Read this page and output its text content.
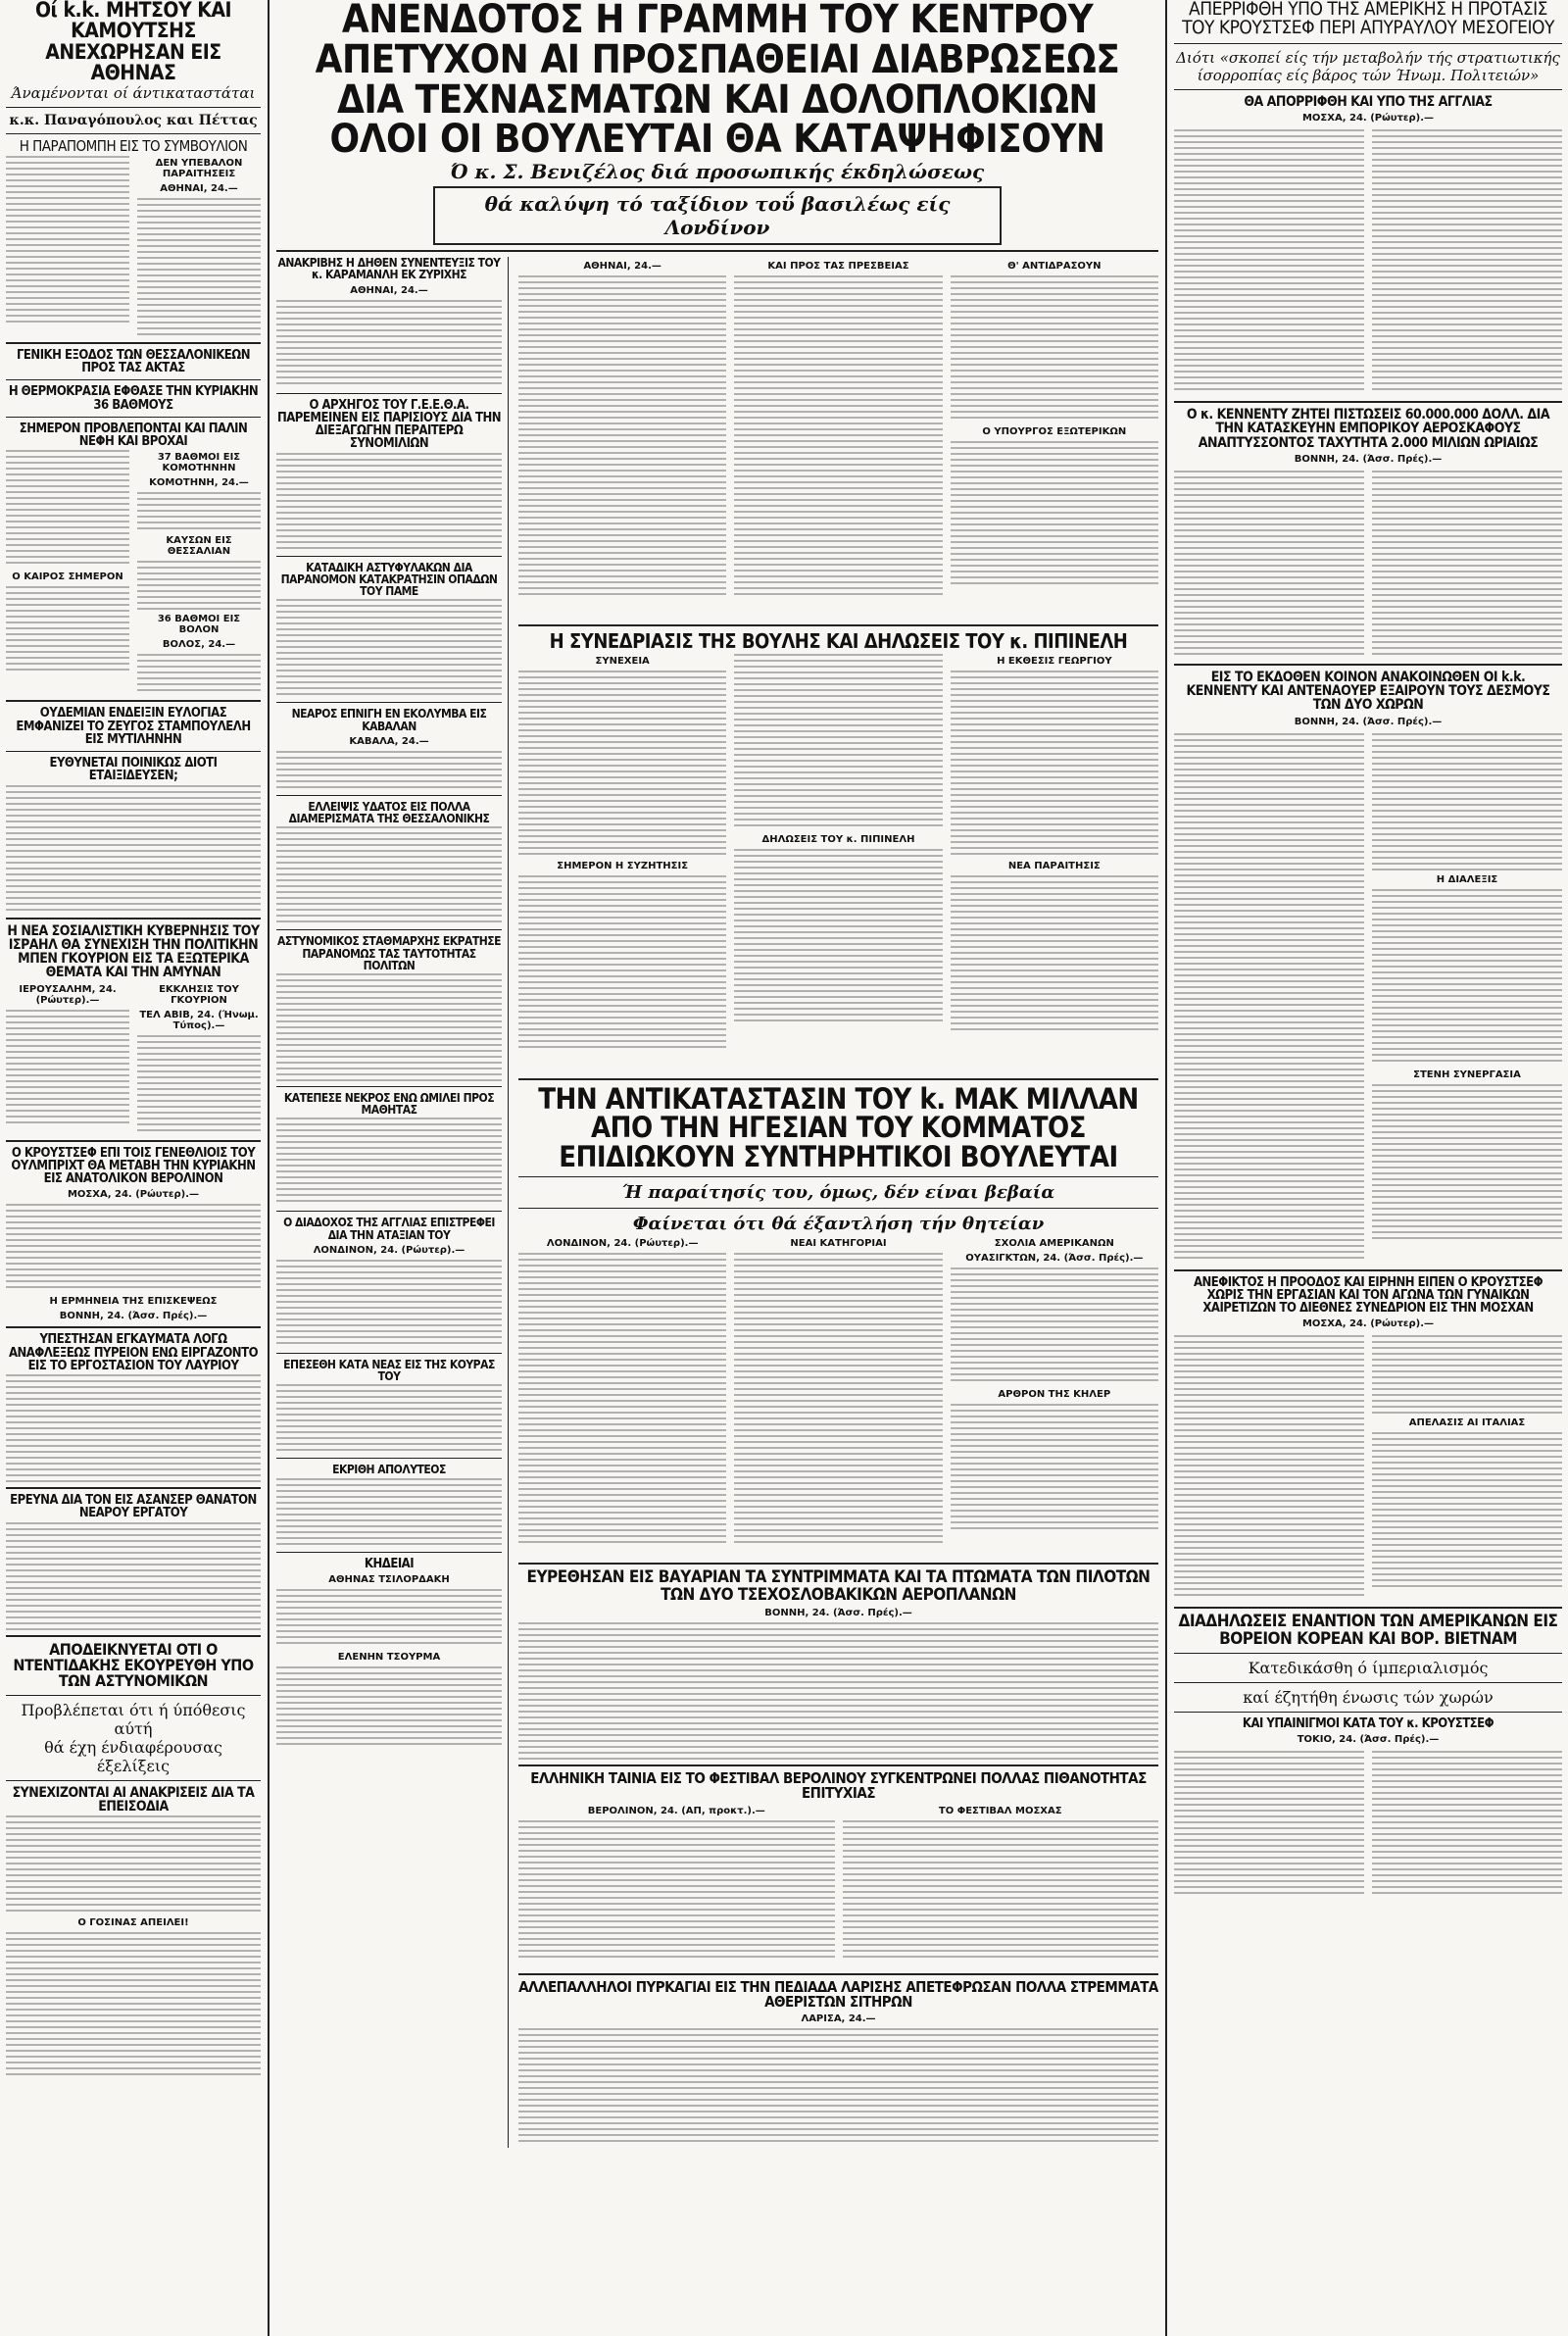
Οί k.k. ΜΗΤΣΟΥ ΚΑΙ ΚΑΜΟΥΤΣΗΣ ΑΝΕΧΩΡΗΣΑΝ ΕΙΣ ΑΘΗΝΑΣ

Άναμένονται οί άντικαταστάται

κ.κ. Παναγόπουλος και Πέττας

Η ΠΑΡΑΠΟΜΠΗ ΕΙΣ ΤΟ ΣΥΜΒΟΥΛΙΟΝ

ΔΕΝ ΥΠΕΒΑΛΟΝ ΠΑΡΑΙΤΗΣΕΙΣ

ΑΘΗΝΑΙ, 24.—

ΓΕΝΙΚΗ ΕΞΟΔΟΣ ΤΩΝ ΘΕΣΣΑΛΟΝΙΚΕΩΝ ΠΡΟΣ ΤΑΣ ΑΚΤΑΣ

Η ΘΕΡΜΟΚΡΑΣΙΑ ΕΦΘΑΣΕ ΤΗΝ ΚΥΡΙΑΚΗΝ 36 ΒΑΘΜΟΥΣ

ΣΗΜΕΡΟΝ ΠΡΟΒΛΕΠΟΝΤΑΙ ΚΑΙ ΠΑΛΙΝ ΝΕΦΗ ΚΑΙ ΒΡΟΧΑΙ

Ο ΚΑΙΡΟΣ ΣΗΜΕΡΟΝ

37 ΒΑΘΜΟΙ ΕΙΣ ΚΟΜΟΤΗΝΗΝ

ΚΟΜΟΤΗΝΗ, 24.—

ΚΑΥΣΩΝ ΕΙΣ ΘΕΣΣΑΛΙΑΝ

36 ΒΑΘΜΟΙ ΕΙΣ ΒΟΛΟΝ

ΒΟΛΟΣ, 24.—

ΟΥΔΕΜΙΑΝ ΕΝΔΕΙΞΙΝ ΕΥΛΟΓΙΑΣ ΕΜΦΑΝΙΖΕΙ ΤΟ ΖΕΥΓΟΣ ΣΤΑΜΠΟΥΛΕΛΗ ΕΙΣ ΜΥΤΙΛΗΝΗΝ

ΕΥΘΥΝΕΤΑΙ ΠΟΙΝΙΚΩΣ ΔΙΟΤΙ ΕΤΑΙΞΙΔΕΥΣΕΝ;

Η ΝΕΑ ΣΟΣΙΑΛΙΣΤΙΚΗ ΚΥΒΕΡΝΗΣΙΣ ΤΟΥ ΙΣΡΑΗΛ ΘΑ ΣΥΝΕΧΙΣΗ ΤΗΝ ΠΟΛΙΤΙΚΗΝ ΜΠΕΝ ΓΚΟΥΡΙΟΝ ΕΙΣ ΤΑ ΕΞΩΤΕΡΙΚΑ ΘΕΜΑΤΑ ΚΑΙ ΤΗΝ ΑΜΥΝΑΝ

ΙΕΡΟΥΣΑΛΗΜ, 24. (Ρώυτερ).—

ΕΚΚΛΗΣΙΣ ΤΟΥ ΓΚΟΥΡΙΟΝ

ΤΕΛ ΑΒΙΒ, 24. (Ήνωμ. Τύπος).—

Ο ΚΡΟΥΣΤΣΕΦ ΕΠΙ ΤΟΙΣ ΓΕΝΕΘΛΙΟΙΣ ΤΟΥ ΟΥΛΜΠΡΙΧΤ ΘΑ ΜΕΤΑΒΗ ΤΗΝ ΚΥΡΙΑΚΗΝ ΕΙΣ ΑΝΑΤΟΛΙΚΟΝ ΒΕΡΟΛΙΝΟΝ

ΜΟΣΧΑ, 24. (Ρώυτερ).—

Η ΕΡΜΗΝΕΙΑ ΤΗΣ ΕΠΙΣΚΕΨΕΩΣ

ΒΟΝΝΗ, 24. (Άσσ. Πρές).—

ΥΠΕΣΤΗΣΑΝ ΕΓΚΑΥΜΑΤΑ ΛΟΓΩ ΑΝΑΦΛΕΞΕΩΣ ΠΥΡΕΙΟΝ ΕΝΩ ΕΙΡΓΑΖΟΝΤΟ ΕΙΣ ΤΟ ΕΡΓΟΣΤΑΣΙΟΝ ΤΟΥ ΛΑΥΡΙΟΥ

ΕΡΕΥΝΑ ΔΙΑ ΤΟΝ ΕΙΣ ΑΣΑΝΣΕΡ ΘΑΝΑΤΟΝ ΝΕΑΡΟΥ ΕΡΓΑΤΟΥ

ΑΠΟΔΕΙΚΝΥΕΤΑΙ ΟΤΙ Ο ΝΤΕΝΤΙΔΑΚΗΣ ΕΚΟΥΡΕΥΘΗ ΥΠΟ ΤΩΝ ΑΣΤΥΝΟΜΙΚΩΝ

Προβλέπεται ότι ή ύπόθεσις αύτή

θά έχη ένδιαφέρουσας έξελίξεις

ΣΥΝΕΧΙΖΟΝΤΑΙ ΑΙ ΑΝΑΚΡΙΣΕΙΣ ΔΙΑ ΤΑ ΕΠΕΙΣΟΔΙΑ

Ο ΓΟΣΙΝΑΣ ΑΠΕΙΛΕΙ!

ΑΝΕΝΔΟΤΟΣ Η ΓΡΑΜΜΗ ΤΟΥ ΚΕΝΤΡΟΥ
ΑΠΕΤΥΧΟΝ ΑΙ ΠΡΟΣΠΑΘΕΙΑΙ ΔΙΑΒΡΩΣΕΩΣ
ΔΙΑ ΤΕΧΝΑΣΜΑΤΩΝ ΚΑΙ ΔΟΛΟΠΛΟΚΙΩΝ
ΟΛΟΙ ΟΙ ΒΟΥΛΕΥΤΑΙ ΘΑ ΚΑΤΑΨΗΦΙΣΟΥΝ

Ό κ. Σ. Βενιζέλος διά προσωπικής έκδηλώσεως

θά καλύψη τό ταξίδιον τοΰ βασιλέως είς Λονδίνον

ΑΝΑΚΡΙΒΗΣ Η ΔΗΘΕΝ ΣΥΝΕΝΤΕΥΞΙΣ ΤΟΥ κ. ΚΑΡΑΜΑΝΛΗ ΕΚ ΖΥΡΙΧΗΣ

ΑΘΗΝΑΙ, 24.—

Ο ΑΡΧΗΓΟΣ ΤΟΥ Γ.Ε.Ε.Θ.Α. ΠΑΡΕΜΕΙΝΕΝ ΕΙΣ ΠΑΡΙΣΙΟΥΣ ΔΙΑ ΤΗΝ ΔΙΕΞΑΓΩΓΗΝ ΠΕΡΑΙΤΕΡΩ ΣΥΝΟΜΙΛΙΩΝ

ΚΑΤΑΔΙΚΗ ΑΣΤΥΦΥΛΑΚΩΝ ΔΙΑ ΠΑΡΑΝΟΜΟΝ ΚΑΤΑΚΡΑΤΗΣΙΝ ΟΠΑΔΩΝ ΤΟΥ ΠΑΜΕ

ΝΕΑΡΟΣ ΕΠΝΙΓΗ ΕΝ ΕΚΟΛΥΜΒΑ ΕΙΣ ΚΑΒΑΛΑΝ

ΚΑΒΑΛΑ, 24.—

ΕΛΛΕΙΨΙΣ ΥΔΑΤΟΣ ΕΙΣ ΠΟΛΛΑ ΔΙΑΜΕΡΙΣΜΑΤΑ ΤΗΣ ΘΕΣΣΑΛΟΝΙΚΗΣ

ΑΣΤΥΝΟΜΙΚΟΣ ΣΤΑΘΜΑΡΧΗΣ ΕΚΡΑΤΗΣΕ ΠΑΡΑΝΟΜΩΣ ΤΑΣ ΤΑΥΤΟΤΗΤΑΣ ΠΟΛΙΤΩΝ

ΚΑΤΕΠΕΣΕ ΝΕΚΡΟΣ ΕΝΩ ΩΜΙΛΕΙ ΠΡΟΣ ΜΑΘΗΤΑΣ

Ο ΔΙΑΔΟΧΟΣ ΤΗΣ ΑΓΓΛΙΑΣ ΕΠΙΣΤΡΕΦΕΙ ΔΙΑ ΤΗΝ ΑΤΑΞΙΑΝ ΤΟΥ

ΛΟΝΔΙΝΟΝ, 24. (Ρώυτερ).—

ΕΠΕΣΕΘΗ ΚΑΤΑ ΝΕΑΣ ΕΙΣ ΤΗΣ ΚΟΥΡΑΣ ΤΟΥ

ΕΚΡΙΘΗ ΑΠΟΛΥΤΕΟΣ

ΚΗΔΕΙΑΙ

ΑΘΗΝΑΣ ΤΣΙΛΟΡΔΑΚΗ

ΕΛΕΝΗΝ ΤΣΟΥΡΜΑ

ΑΘΗΝΑΙ, 24.—	ΚΑΙ ΠΡΟΣ ΤΑΣ ΠΡΕΣΒΕΙΑΣ	Θ' ΑΝΤΙΔΡΑΣΟΥΝ

Ο ΥΠΟΥΡΓΟΣ ΕΞΩΤΕΡΙΚΩΝ

Η ΣΥΝΕΔΡΙΑΣΙΣ ΤΗΣ ΒΟΥΛΗΣ ΚΑΙ ΔΗΛΩΣΕΙΣ ΤΟΥ κ. ΠΙΠΙΝΕΛΗ

ΣΥΝΕΧΕΙΑ

ΣΗΜΕΡΟΝ Η ΣΥΖΗΤΗΣΙΣ

ΔΗΛΩΣΕΙΣ ΤΟΥ κ. ΠΙΠΙΝΕΛΗ

Η ΕΚΘΕΣΙΣ ΓΕΩΡΓΙΟΥ

ΝΕΑ ΠΑΡΑΙΤΗΣΙΣ

ΤΗΝ ΑΝΤΙΚΑΤΑΣΤΑΣΙΝ ΤΟΥ k. ΜΑΚ ΜΙΛΛΑΝ
ΑΠΟ ΤΗΝ ΗΓΕΣΙΑΝ ΤΟΥ ΚΟΜΜΑΤΟΣ
ΕΠΙΔΙΩΚΟΥΝ ΣΥΝΤΗΡΗΤΙΚΟΙ ΒΟΥΛΕΥΤΑΙ

Ή παραίτησίς του, όμως, δέν είναι βεβαία

Φαίνεται ότι θά έξαντλήση τήν θητείαν

ΛΟΝΔΙΝΟΝ, 24. (Ρώυτερ).—	ΝΕΑΙ ΚΑΤΗΓΟΡΙΑΙ	ΣΧΟΛΙΑ ΑΜΕΡΙΚΑΝΩΝ

ΟΥΑΣΙΓΚΤΩΝ, 24. (Άσσ. Πρές).—

ΑΡΘΡΟΝ ΤΗΣ ΚΗΛΕΡ

ΕΥΡΕΘΗΣΑΝ ΕΙΣ ΒΑΥΑΡΙΑΝ ΤΑ ΣΥΝΤΡΙΜΜΑΤΑ ΚΑΙ ΤΑ ΠΤΩΜΑΤΑ ΤΩΝ ΠΙΛΟΤΩΝ ΤΩΝ ΔΥΟ ΤΣΕΧΟΣΛΟΒΑΚΙΚΩΝ ΑΕΡΟΠΛΑΝΩΝ

ΒΟΝΝΗ, 24. (Άσσ. Πρές).—

ΕΛΛΗΝΙΚΗ ΤΑΙΝΙΑ ΕΙΣ ΤΟ ΦΕΣΤΙΒΑΛ ΒΕΡΟΛΙΝΟΥ ΣΥΓΚΕΝΤΡΩΝΕΙ ΠΟΛΛΑΣ ΠΙΘΑΝΟΤΗΤΑΣ ΕΠΙΤΥΧΙΑΣ

ΒΕΡΟΛΙΝΟΝ, 24. (ΑΠ, προκτ.).—	ΤΟ ΦΕΣΤΙΒΑΛ ΜΟΣΧΑΣ

ΑΛΛΕΠΑΛΛΗΛΟΙ ΠΥΡΚΑΓΙΑΙ ΕΙΣ ΤΗΝ ΠΕΔΙΑΔΑ ΛΑΡΙΣΗΣ ΑΠΕΤΕΦΡΩΣΑΝ ΠΟΛΛΑ ΣΤΡΕΜΜΑΤΑ ΑΘΕΡΙΣΤΩΝ ΣΙΤΗΡΩΝ

ΛΑΡΙΣΑ, 24.—

ΑΠΕΡΡΙΦΘΗ ΥΠΟ ΤΗΣ ΑΜΕΡΙΚΗΣ Η ΠΡΟΤΑΣΙΣ ΤΟΥ ΚΡΟΥΣΤΣΕΦ ΠΕΡΙ ΑΠΥΡΑΥΛΟΥ ΜΕΣΟΓΕΙΟΥ

Διότι «σκοπεί είς τήν μεταβολήν τής στρατιωτικής ίσορροπίας είς βάρος τών Ήνωμ. Πολιτειών»

ΘΑ ΑΠΟΡΡΙΦΘΗ ΚΑΙ ΥΠΟ ΤΗΣ ΑΓΓΛΙΑΣ

ΜΟΣΧΑ, 24. (Ρώυτερ).—

Ο κ. ΚΕΝΝΕΝΤΥ ΖΗΤΕΙ ΠΙΣΤΩΣΕΙΣ 60.000.000 ΔΟΛΛ. ΔΙΑ ΤΗΝ ΚΑΤΑΣΚΕΥΗΝ ΕΜΠΟΡΙΚΟΥ ΑΕΡΟΣΚΑΦΟΥΣ ΑΝΑΠΤΥΣΣΟΝΤΟΣ ΤΑΧΥΤΗΤΑ 2.000 ΜΙΛΙΩΝ ΩΡΙΑΙΩΣ

ΒΟΝΝΗ, 24. (Άσσ. Πρές).—

ΕΙΣ ΤΟ ΕΚΔΟΘΕΝ ΚΟΙΝΟΝ ΑΝΑΚΟΙΝΩΘΕΝ ΟΙ k.k. ΚΕΝΝΕΝΤΥ ΚΑΙ ΑΝΤΕΝΑΟΥΕΡ ΕΞΑΙΡΟΥΝ ΤΟΥΣ ΔΕΣΜΟΥΣ ΤΩΝ ΔΥΟ ΧΩΡΩΝ

ΒΟΝΝΗ, 24. (Άσσ. Πρές).—

Η ΔΙΑΛΕΞΙΣ

ΣΤΕΝΗ ΣΥΝΕΡΓΑΣΙΑ

ΑΝΕΦΙΚΤΟΣ Η ΠΡΟΟΔΟΣ ΚΑΙ ΕΙΡΗΝΗ ΕΙΠΕΝ Ο ΚΡΟΥΣΤΣΕΦ ΧΩΡΙΣ ΤΗΝ ΕΡΓΑΣΙΑΝ ΚΑΙ ΤΟΝ ΑΓΩΝΑ ΤΩΝ ΓΥΝΑΙΚΩΝ ΧΑΙΡΕΤΙΖΩΝ ΤΟ ΔΙΕΘΝΕΣ ΣΥΝΕΔΡΙΟΝ ΕΙΣ ΤΗΝ ΜΟΣΧΑΝ

ΜΟΣΧΑ, 24. (Ρώυτερ).—

ΑΠΕΛΑΣΙΣ ΑΙ ΙΤΑΛΙΑΣ

ΔΙΑΔΗΛΩΣΕΙΣ ΕΝΑΝΤΙΟΝ ΤΩΝ ΑΜΕΡΙΚΑΝΩΝ ΕΙΣ ΒΟΡΕΙΟΝ ΚΟΡΕΑΝ ΚΑΙ ΒΟΡ. ΒΙΕΤΝΑΜ

Κατεδικάσθη ό ίμπεριαλισμός

καί έζητήθη ένωσις τών χωρών

ΚΑΙ ΥΠΑΙΝΙΓΜΟΙ ΚΑΤΑ ΤΟΥ κ. ΚΡΟΥΣΤΣΕΦ

ΤΟΚΙΟ, 24. (Άσσ. Πρές).—
